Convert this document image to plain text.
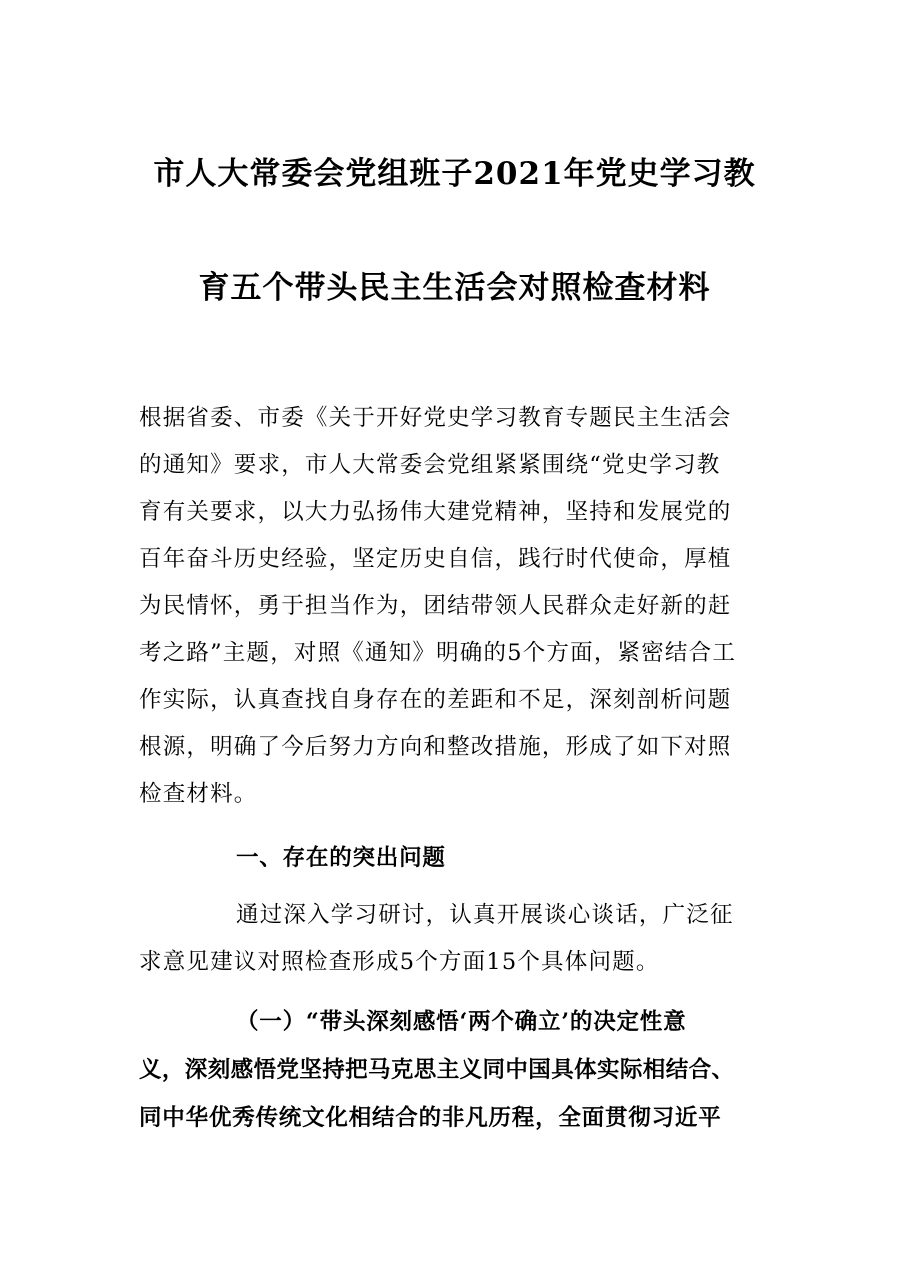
市人大常委会党组班子2021年党史学习教
育五个带头民主生活会对照检查材料
根据省委、市委《关于开好党史学习教育专题民主生活会
的通知》要求，市人大常委会党组紧紧围绕“党史学习教
育有关要求，以大力弘扬伟大建党精神，坚持和发展党的
百年奋斗历史经验，坚定历史自信，践行时代使命，厚植
为民情怀，勇于担当作为，团结带领人民群众走好新的赶
考之路”主题，对照《通知》明确的5个方面，紧密结合工
作实际，认真查找自身存在的差距和不足，深刻剖析问题
根源，明确了今后努力方向和整改措施，形成了如下对照
检查材料。
一、存在的突出问题
通过深入学习研讨，认真开展谈心谈话，广泛征
求意见建议对照检查形成5个方面15个具体问题。
（一）“带头深刻感悟‘两个确立’的决定性意
义，深刻感悟党坚持把马克思主义同中国具体实际相结合、
同中华优秀传统文化相结合的非凡历程，全面贯彻习近平
